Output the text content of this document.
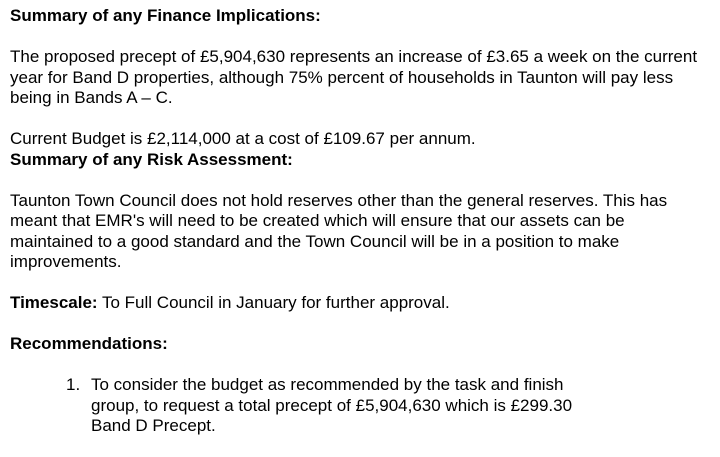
Summary of any Finance Implications:

The proposed precept of £5,904,630 represents an increase of £3.65 a week on the current year for Band D properties, although 75% percent of households in Taunton will pay less being in Bands A – C.

Current Budget is £2,114,000 at a cost of £109.67 per annum.

Summary of any Risk Assessment:

Taunton Town Council does not hold reserves other than the general reserves. This has meant that EMR's will need to be created which will ensure that our assets can be maintained to a good standard and the Town Council will be in a position to make improvements.

Timescale: To Full Council in January for further approval.

Recommendations:

1. To consider the budget as recommended by the task and finish group, to request a total precept of £5,904,630 which is £299.30 Band D Precept.
